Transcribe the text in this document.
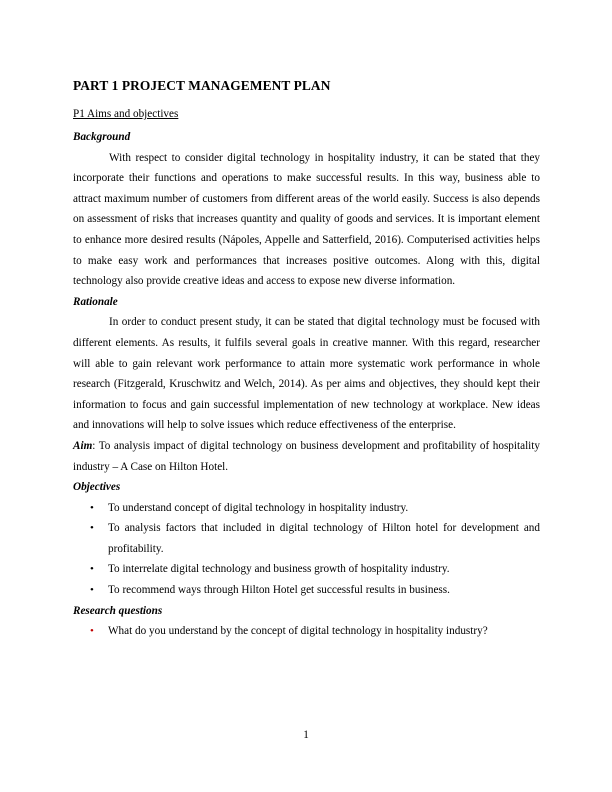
PART 1 PROJECT MANAGEMENT PLAN
P1 Aims and objectives
Background

With respect to consider digital technology in hospitality industry, it can be stated that they incorporate their functions and operations to make successful results. In this way, business able to attract maximum number of customers from different areas of the world easily. Success is also depends on assessment of risks that increases quantity and quality of goods and services. It is important element to enhance more desired results (Nápoles, Appelle and Satterfield, 2016). Computerised activities helps to make easy work and performances that increases positive outcomes. Along with this, digital technology also provide creative ideas and access to expose new diverse information.

Rationale

In order to conduct present study, it can be stated that digital technology must be focused with different elements. As results, it fulfils several goals in creative manner. With this regard, researcher will able to gain relevant work performance to attain more systematic work performance in whole research (Fitzgerald, Kruschwitz and Welch, 2014). As per aims and objectives, they should kept their information to focus and gain successful implementation of new technology at workplace. New ideas and innovations will help to solve issues which reduce effectiveness of the enterprise.

Aim: To analysis impact of digital technology on business development and profitability of hospitality industry – A Case on Hilton Hotel.

Objectives
• To understand concept of digital technology in hospitality industry.
• To analysis factors that included in digital technology of Hilton hotel for development and profitability.
• To interrelate digital technology and business growth of hospitality industry.
• To recommend ways through Hilton Hotel get successful results in business.
Research questions
• What do you understand by the concept of digital technology in hospitality industry?
1
